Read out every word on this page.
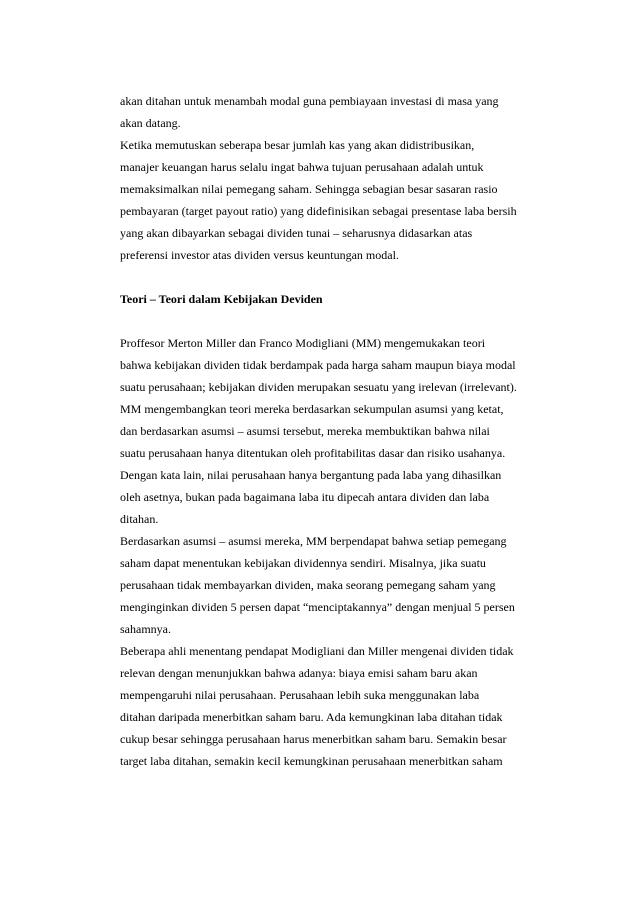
akan ditahan untuk menambah modal guna pembiayaan investasi di masa yang
akan datang.
Ketika memutuskan seberapa besar jumlah kas yang akan didistribusikan,
manajer keuangan harus selalu ingat bahwa tujuan perusahaan adalah untuk
memaksimalkan nilai pemegang saham. Sehingga sebagian besar sasaran rasio
pembayaran (target payout ratio) yang didefinisikan sebagai presentase laba bersih
yang akan dibayarkan sebagai dividen tunai – seharusnya didasarkan atas
preferensi investor atas dividen versus keuntungan modal.
Teori – Teori dalam Kebijakan Deviden
Proffesor Merton Miller dan Franco Modigliani (MM) mengemukakan teori
bahwa kebijakan dividen tidak berdampak pada harga saham maupun biaya modal
suatu perusahaan; kebijakan dividen merupakan sesuatu yang irelevan (irrelevant).
MM mengembangkan teori mereka berdasarkan sekumpulan asumsi yang ketat,
dan berdasarkan asumsi – asumsi tersebut, mereka membuktikan bahwa nilai
suatu perusahaan hanya ditentukan oleh profitabilitas dasar dan risiko usahanya.
Dengan kata lain, nilai perusahaan hanya bergantung pada laba yang dihasilkan
oleh asetnya, bukan pada bagaimana laba itu dipecah antara dividen dan laba
ditahan.
Berdasarkan asumsi – asumsi mereka, MM berpendapat bahwa setiap pemegang
saham dapat menentukan kebijakan dividennya sendiri. Misalnya, jika suatu
perusahaan tidak membayarkan dividen, maka seorang pemegang saham yang
menginginkan dividen 5 persen dapat “menciptakannya” dengan menjual 5 persen
sahamnya.
Beberapa ahli menentang pendapat Modigliani dan Miller mengenai dividen tidak
relevan dengan menunjukkan bahwa adanya: biaya emisi saham baru akan
mempengaruhi nilai perusahaan. Perusahaan lebih suka menggunakan laba
ditahan daripada menerbitkan saham baru. Ada kemungkinan laba ditahan tidak
cukup besar sehingga perusahaan harus menerbitkan saham baru. Semakin besar
target laba ditahan, semakin kecil kemungkinan perusahaan menerbitkan saham
